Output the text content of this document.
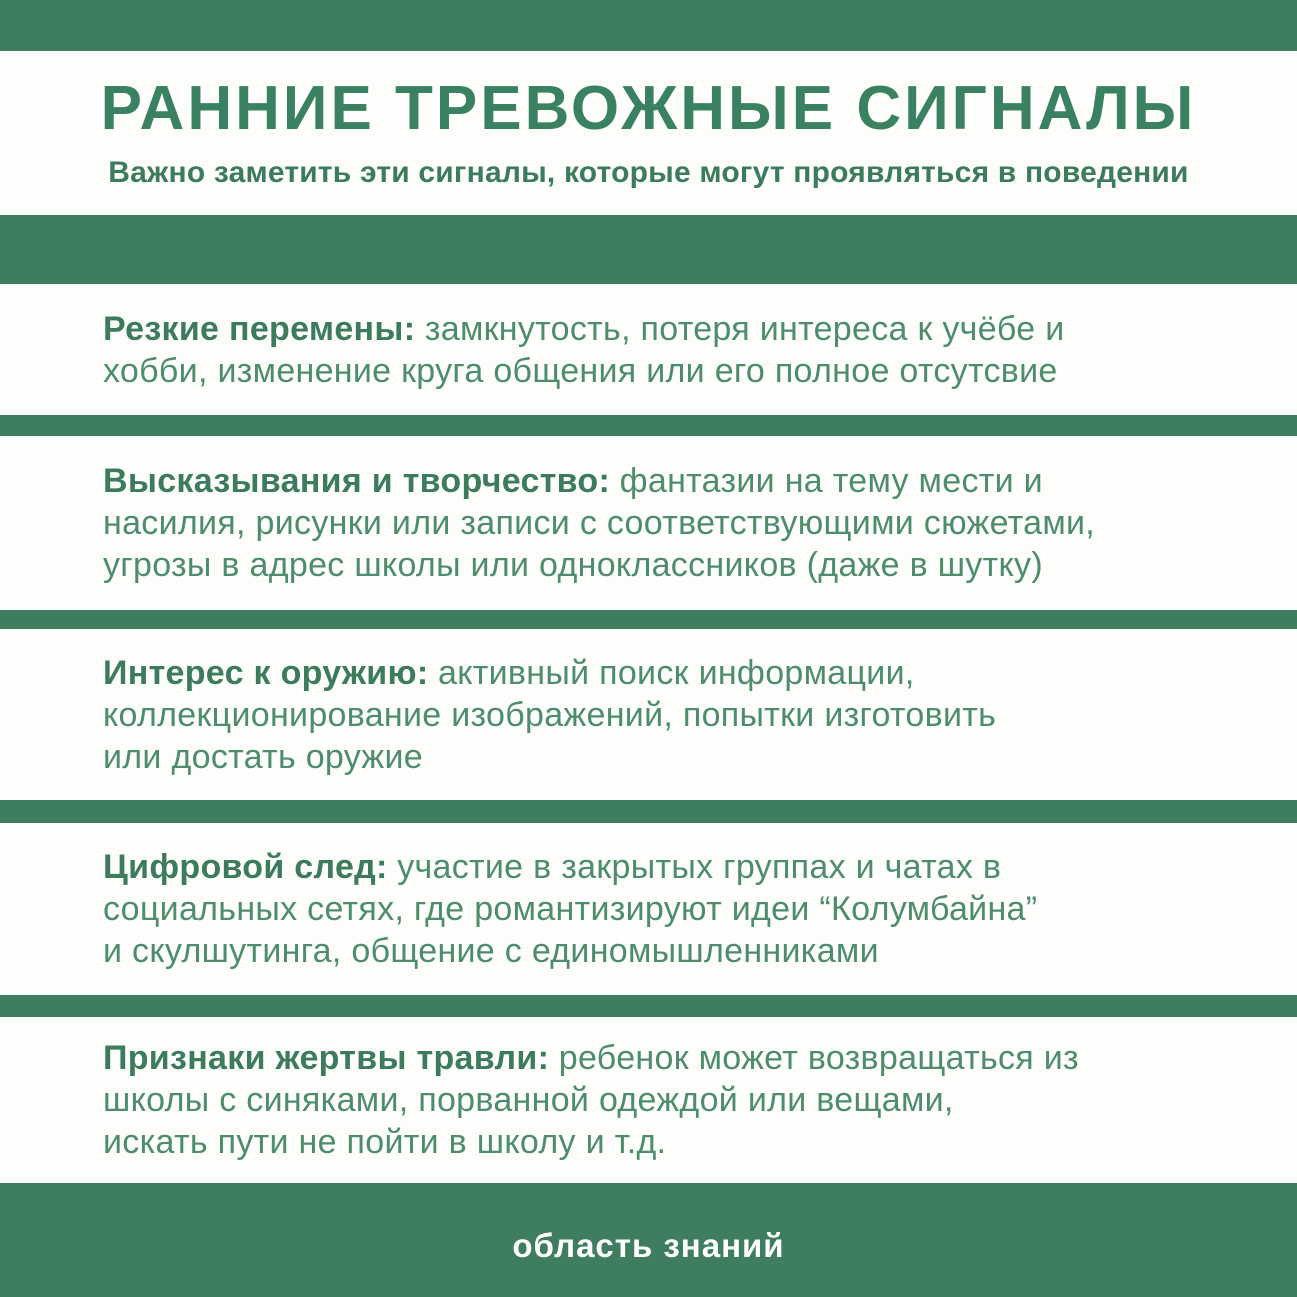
РАННИЕ ТРЕВОЖНЫЕ СИГНАЛЫ
Важно заметить эти сигналы, которые могут проявляться в поведении
Резкие перемены: замкнутость, потеря интереса к учёбе и
хобби, изменение круга общения или его полное отсутсвие
Высказывания и творчество: фантазии на тему мести и
насилия, рисунки или записи с соответствующими сюжетами,
угрозы в адрес школы или одноклассников (даже в шутку)
Интерес к оружию: активный поиск информации,
коллекционирование изображений, попытки изготовить
или достать оружие
Цифровой след: участие в закрытых группах и чатах в
социальных сетях, где романтизируют идеи “Колумбайна”
и скулшутинга, общение с единомышленниками
Признаки жертвы травли: ребенок может возвращаться из
школы с синяками, порванной одеждой или вещами,
искать пути не пойти в школу и т.д.
область знаний
